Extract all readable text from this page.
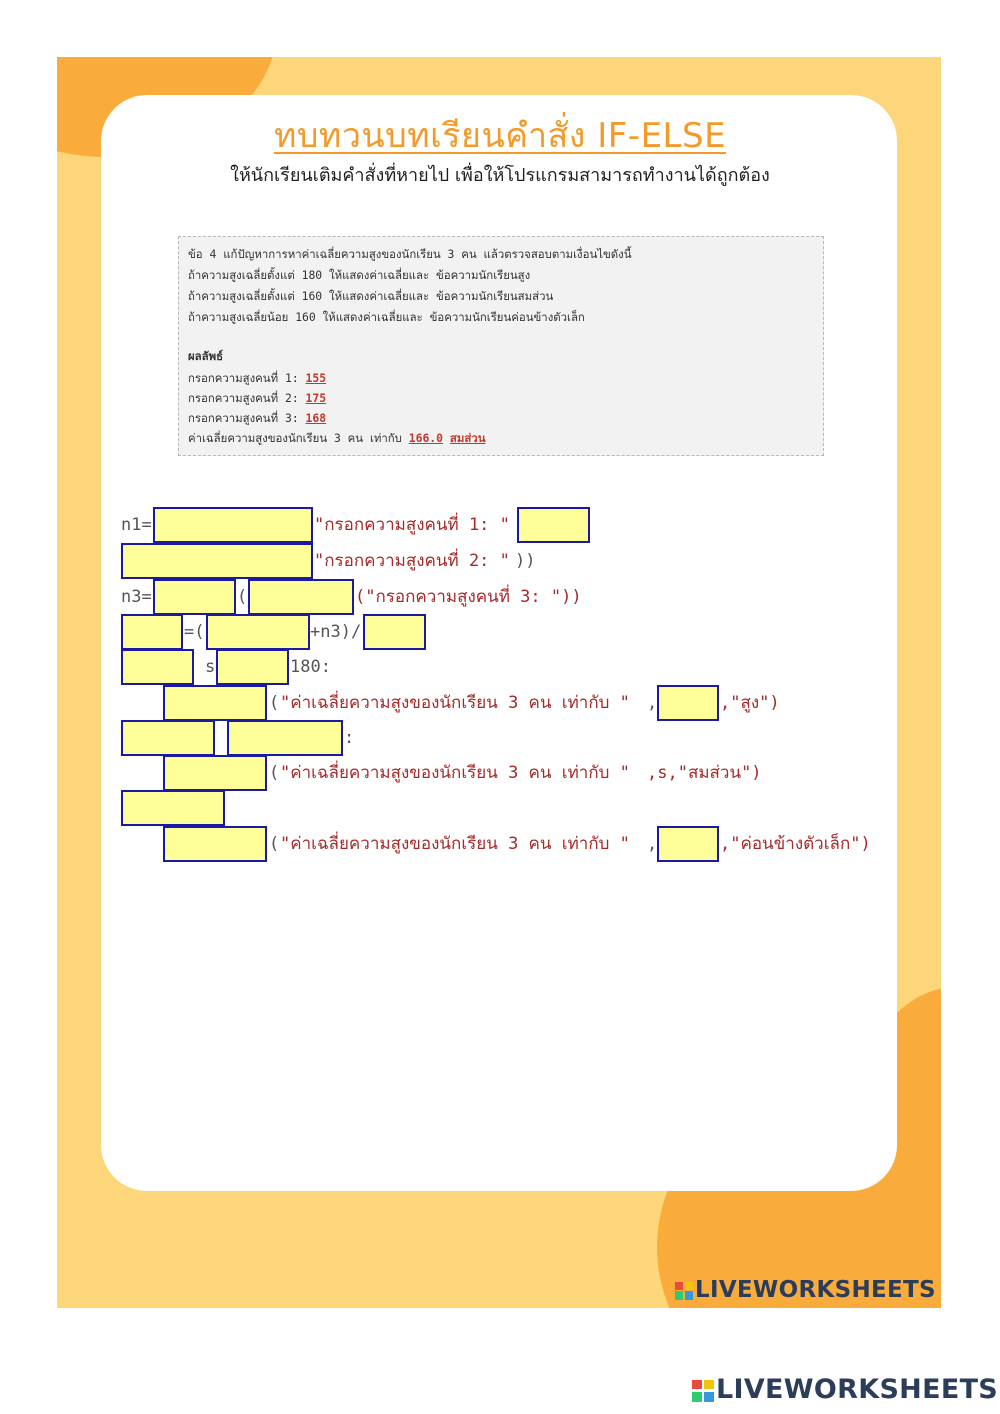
LIVEWORKSHEETS
ทบทวนบทเรียนคำสั่ง IF-ELSE
ให้นักเรียนเติมคำสั่งที่หายไป เพื่อให้โปรแกรมสามารถทำงานได้ถูกต้อง
ข้อ 4 แก้ปัญหาการหาค่าเฉลี่ยความสูงของนักเรียน 3 คน แล้วตรวจสอบตามเงื่อนไขดังนี้
ถ้าความสูงเฉลี่ยตั้งแต่ 180 ให้แสดงค่าเฉลี่ยและ ข้อความนักเรียนสูง
ถ้าความสูงเฉลี่ยตั้งแต่ 160 ให้แสดงค่าเฉลี่ยและ ข้อความนักเรียนสมส่วน
ถ้าความสูงเฉลี่ยน้อย 160 ให้แสดงค่าเฉลี่ยและ ข้อความนักเรียนค่อนข้างตัวเล็ก
ผลลัพธ์
กรอกความสูงคนที่ 1: 155
กรอกความสูงคนที่ 2: 175
กรอกความสูงคนที่ 3: 168
ค่าเฉลี่ยความสูงของนักเรียน 3 คน เท่ากับ 166.0 สมส่วน
n1=	"กรอกความสูงคนที่ 1: "
"กรอกความสูงคนที่ 2: " ))
n3=	(	("กรอกความสูงคนที่ 3: "))
=(	+n3)/
s	180:
( "ค่าเฉลี่ยความสูงของนักเรียน 3 คน เท่ากับ " ,	,"สูง")
:
( "ค่าเฉลี่ยความสูงของนักเรียน 3 คน เท่ากับ " ,s,"สมส่วน")
( "ค่าเฉลี่ยความสูงของนักเรียน 3 คน เท่ากับ " ,	,"ค่อนข้างตัวเล็ก")
LIVEWORKSHEETS
